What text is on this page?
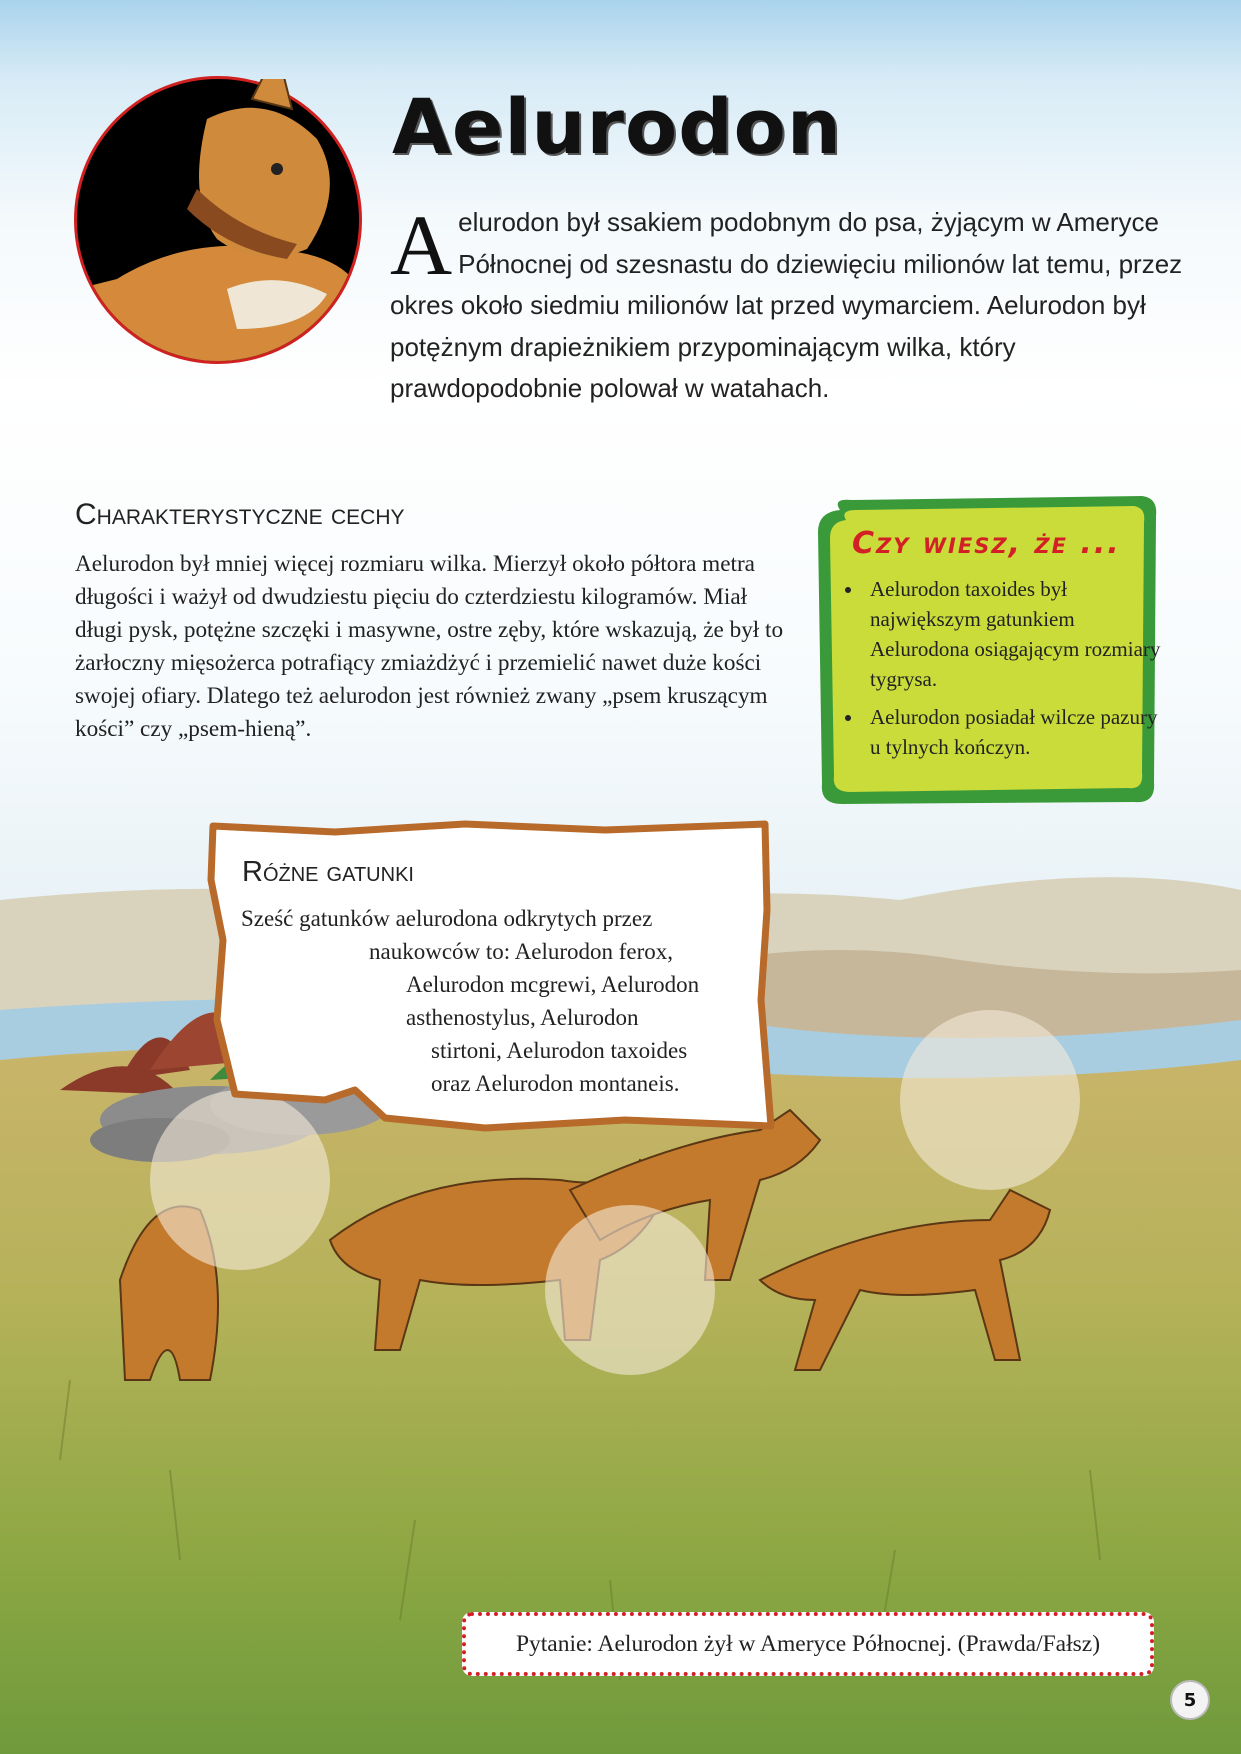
Aelurodon
Aelurodon był ssakiem podobnym do psa, żyjącym w Ameryce Północnej od szesnastu do dziewięciu milionów lat temu, przez okres około siedmiu milionów lat przed wymarciem. Aelurodon był potężnym drapieżnikiem przypominającym wilka, który prawdopodobnie polował w watahach.
Charakterystyczne cechy
Aelurodon był mniej więcej rozmiaru wilka. Mierzył około półtora metra długości i ważył od dwudziestu pięciu do czterdziestu kilogramów. Miał długi pysk, potężne szczęki i masywne, ostre zęby, które wskazują, że był to żarłoczny mięsożerca potrafiący zmiażdżyć i przemielić nawet duże kości swojej ofiary. Dlatego też aelurodon jest również zwany „psem kruszącym kości” czy „psem-hieną”.
Czy wiesz, że ...
• Aelurodon taxoides był największym gatunkiem Aelurodona osiągającym rozmiary tygrysa.
• Aelurodon posiadał wilcze pazury u tylnych kończyn.
Różne gatunki
Sześć gatunków aelurodona odkrytych przez
naukowców to: Aelurodon ferox,
Aelurodon mcgrewi, Aelurodon
asthenostylus, Aelurodon
stirtoni, Aelurodon taxoides
oraz Aelurodon montaneis.
Pytanie: Aelurodon żył w Ameryce Północnej. (Prawda/Fałsz)
5
